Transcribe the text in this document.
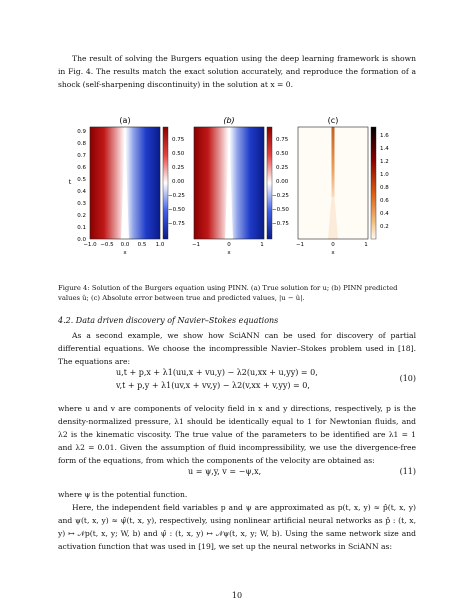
The result of solving the Burgers equation using the deep learning framework is shown in Fig. 4. The results match the exact solution accurately, and reproduce the formation of a shock (self-sharpening discontinuity) in the solution at x = 0.
(a)
t
0.9
0.8
0.7
0.6
0.5
0.4
0.3
0.2
0.1
0.0
−1.0 −0.5 0.0 0.5 1.0
x
0.75
0.50
0.25
0.00
−0.25
−0.50
−0.75
(b)
−1	0	1
x
0.75
0.50
0.25
0.00
−0.25
−0.50
−0.75
(c)
−1	0	1
x
1.6
1.4
1.2
1.0
0.8
0.6
0.4
0.2
Figure 4: Solution of the Burgers equation using PINN. (a) True solution for u; (b) PINN predicted values û; (c) Absolute error between true and predicted values, |u − û|.
4.2. Data driven discovery of Navier–Stokes equations
As a second example, we show how SciANN can be used for discovery of partial differential equations. We choose the incompressible Navier–Stokes problem used in [18]. The equations are:
u,t + p,x + λ1(uu,x + vu,y) − λ2(u,xx + u,yy) = 0,
v,t + p,y + λ1(uv,x + vv,y) − λ2(v,xx + v,yy) = 0,
(10)
where u and v are components of velocity field in x and y directions, respectively, p is the density-normalized pressure, λ1 should be identically equal to 1 for Newtonian fluids, and λ2 is the kinematic viscosity. The true value of the parameters to be identified are λ1 = 1 and λ2 = 0.01. Given the assumption of fluid incompressibility, we use the divergence-free form of the equations, from which the components of the velocity are obtained as:
u = ψ,y, v = −ψ,x,	(11)
where ψ is the potential function.
Here, the independent field variables p and ψ are approximated as p(t, x, y) ≈ p̂(t, x, y) and ψ(t, x, y) ≈ ψ̂(t, x, y), respectively, using nonlinear artificial neural networks as p̂ : (t, x, y) ↦ 𝒩p(t, x, y; W, b) and ψ̂ : (t, x, y) ↦ 𝒩ψ(t, x, y; W, b). Using the same network size and activation function that was used in [19], we set up the neural networks in SciANN as:
10
